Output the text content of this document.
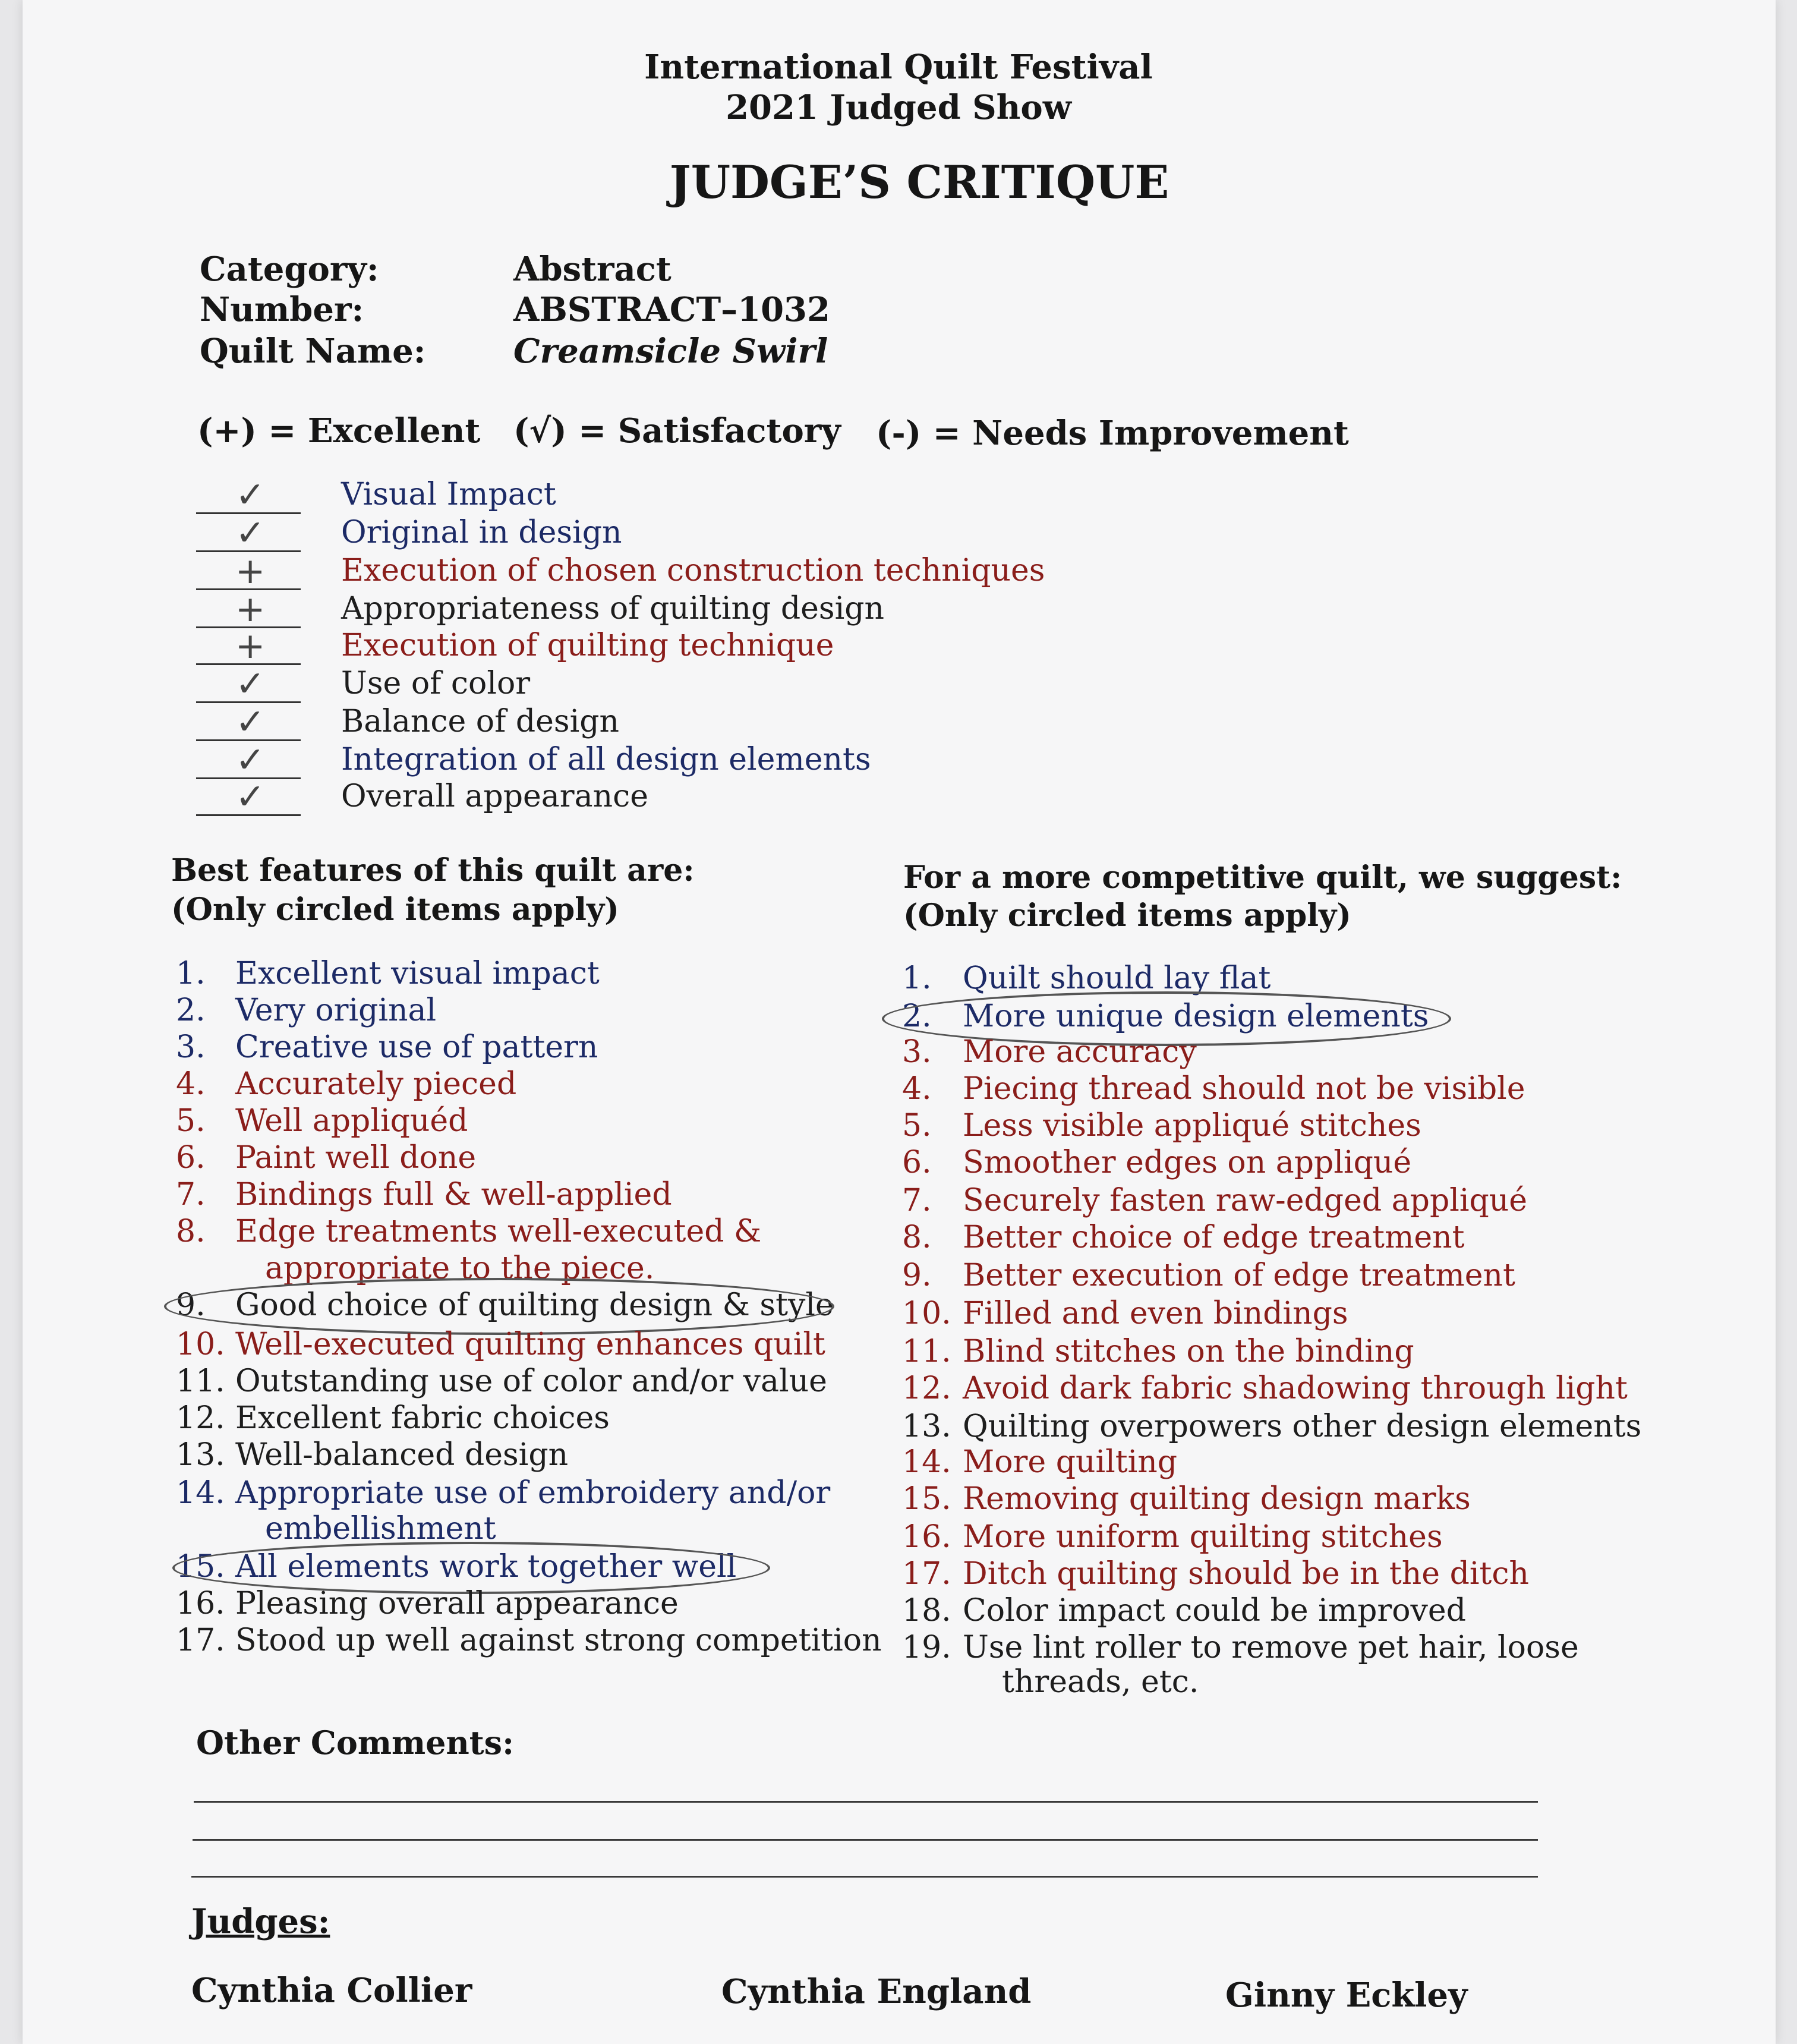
International Quilt Festival
2021 Judged Show
JUDGE’S CRITIQUE
Category:	Abstract
Number:	ABSTRACT–1032
Quilt Name:	Creamsicle Swirl
(+) = Excellent (√) = Satisfactory (-) = Needs Improvement
✓ Visual Impact
✓ Original in design
+ Execution of chosen construction techniques
+ Appropriateness of quilting design
+ Execution of quilting technique
✓ Use of color
✓ Balance of design
✓ Integration of all design elements
✓ Overall appearance
Best features of this quilt are:
(Only circled items apply)
1. Excellent visual impact
2. Very original
3. Creative use of pattern
4. Accurately pieced
5. Well appliquéd
6. Paint well done
7. Bindings full & well-applied
8. Edge treatments well-executed &
appropriate to the piece.
9. Good choice of quilting design & style
10. Well-executed quilting enhances quilt
11. Outstanding use of color and/or value
12. Excellent fabric choices
13. Well-balanced design
14. Appropriate use of embroidery and/or
embellishment
15. All elements work together well
16. Pleasing overall appearance
17. Stood up well against strong competition
For a more competitive quilt, we suggest:
(Only circled items apply)
1. Quilt should lay flat
2. More unique design elements
3. More accuracy
4. Piecing thread should not be visible
5. Less visible appliqué stitches
6. Smoother edges on appliqué
7. Securely fasten raw-edged appliqué
8. Better choice of edge treatment
9. Better execution of edge treatment
10. Filled and even bindings
11. Blind stitches on the binding
12. Avoid dark fabric shadowing through light
13. Quilting overpowers other design elements
14. More quilting
15. Removing quilting design marks
16. More uniform quilting stitches
17. Ditch quilting should be in the ditch
18. Color impact could be improved
19. Use lint roller to remove pet hair, loose
threads, etc.
Other Comments:
Judges:
Cynthia Collier	Cynthia England	Ginny Eckley
